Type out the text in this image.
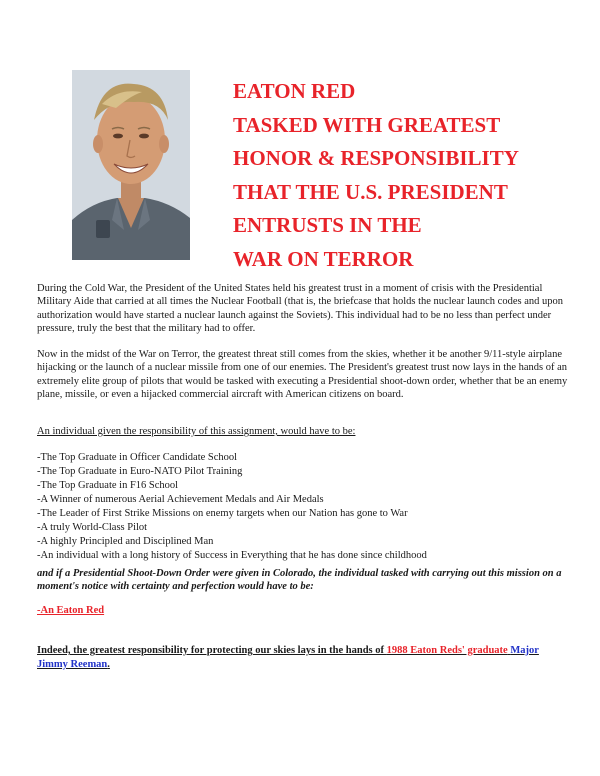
EATON RED
TASKED WITH GREATEST
HONOR & RESPONSIBILITY
THAT THE U.S. PRESIDENT
ENTRUSTS IN THE
WAR ON TERROR

During the Cold War, the President of the United States held his greatest trust in a moment of crisis with the Presidential Military Aide that carried at all times the Nuclear Football (that is, the briefcase that holds the nuclear launch codes and upon authorization would have started a nuclear launch against the Soviets). This individual had to be no less than perfect under pressure, truly the best that the military had to offer.

Now in the midst of the War on Terror, the greatest threat still comes from the skies, whether it be another 9/11-style airplane hijacking or the launch of a nuclear missile from one of our enemies. The President's greatest trust now lays in the hands of an extremely elite group of pilots that would be tasked with executing a Presidential shoot-down order, whether that be an enemy plane, missile, or even a hijacked commercial aircraft with American citizens on board.

An individual given the responsibility of this assignment, would have to be:

-The Top Graduate in Officer Candidate School
-The Top Graduate in Euro-NATO Pilot Training
-The Top Graduate in F16 School
-A Winner of numerous Aerial Achievement Medals and Air Medals
-The Leader of First Strike Missions on enemy targets when our Nation has gone to War
-A truly World-Class Pilot
-A highly Principled and Disciplined Man
-An individual with a long history of Success in Everything that he has done since childhood

and if a Presidential Shoot-Down Order were given in Colorado, the individual tasked with carrying out this mission on a moment's notice with certainty and perfection would have to be:

-An Eaton Red

Indeed, the greatest responsibility for protecting our skies lays in the hands of 1988 Eaton Reds' graduate Major Jimmy Reeman.
